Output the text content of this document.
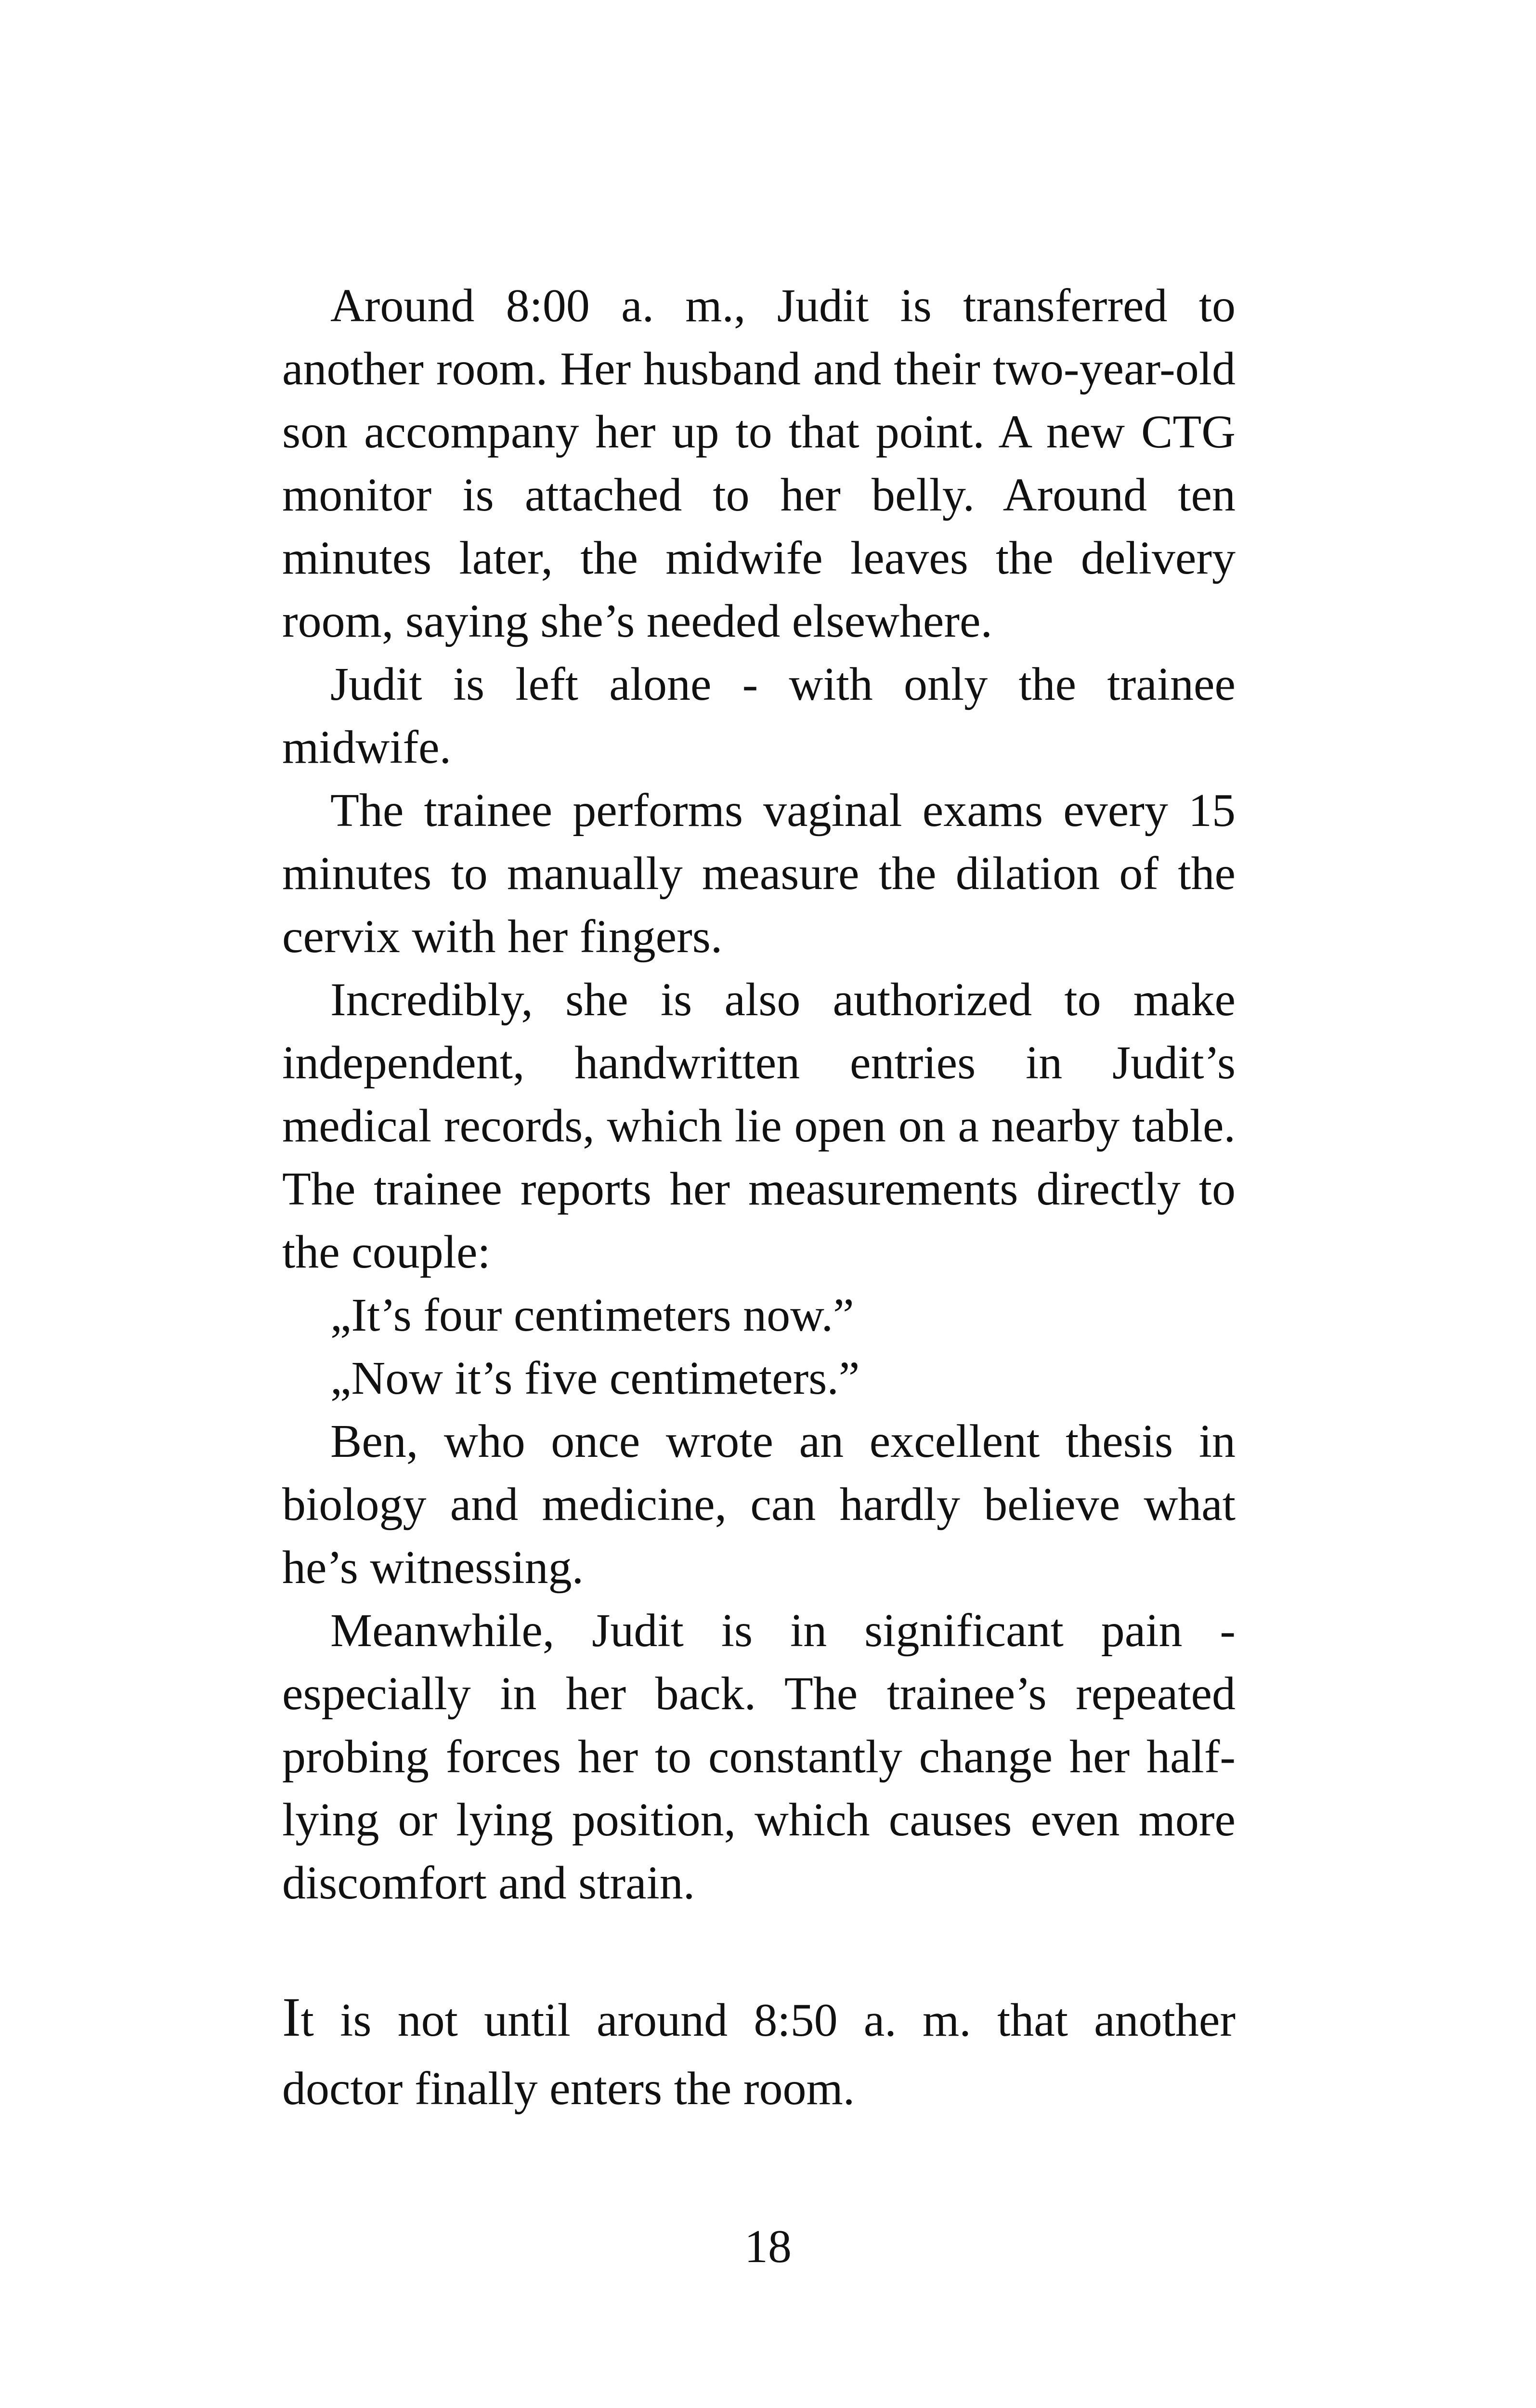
Around 8:00 a. m., Judit is transferred to another room. Her husband and their two-year-old son accompany her up to that point. A new CTG monitor is attached to her belly. Around ten minutes later, the midwife leaves the delivery room, saying she’s needed elsewhere.

Judit is left alone - with only the trainee midwife.

The trainee performs vaginal exams every 15 minutes to manually measure the dilation of the cervix with her fingers.

Incredibly, she is also authorized to make independent, handwritten entries in Judit’s medical records, which lie open on a nearby table. The trainee reports her measurements directly to the couple:

„It’s four centimeters now.”

„Now it’s five centimeters.”

Ben, who once wrote an excellent thesis in biology and medicine, can hardly believe what he’s witnessing.

Meanwhile, Judit is in significant pain - especially in her back. The trainee’s repeated probing forces her to constantly change her half-lying or lying position, which causes even more discomfort and strain.

It is not until around 8:50 a. m. that another doctor finally enters the room.

18
